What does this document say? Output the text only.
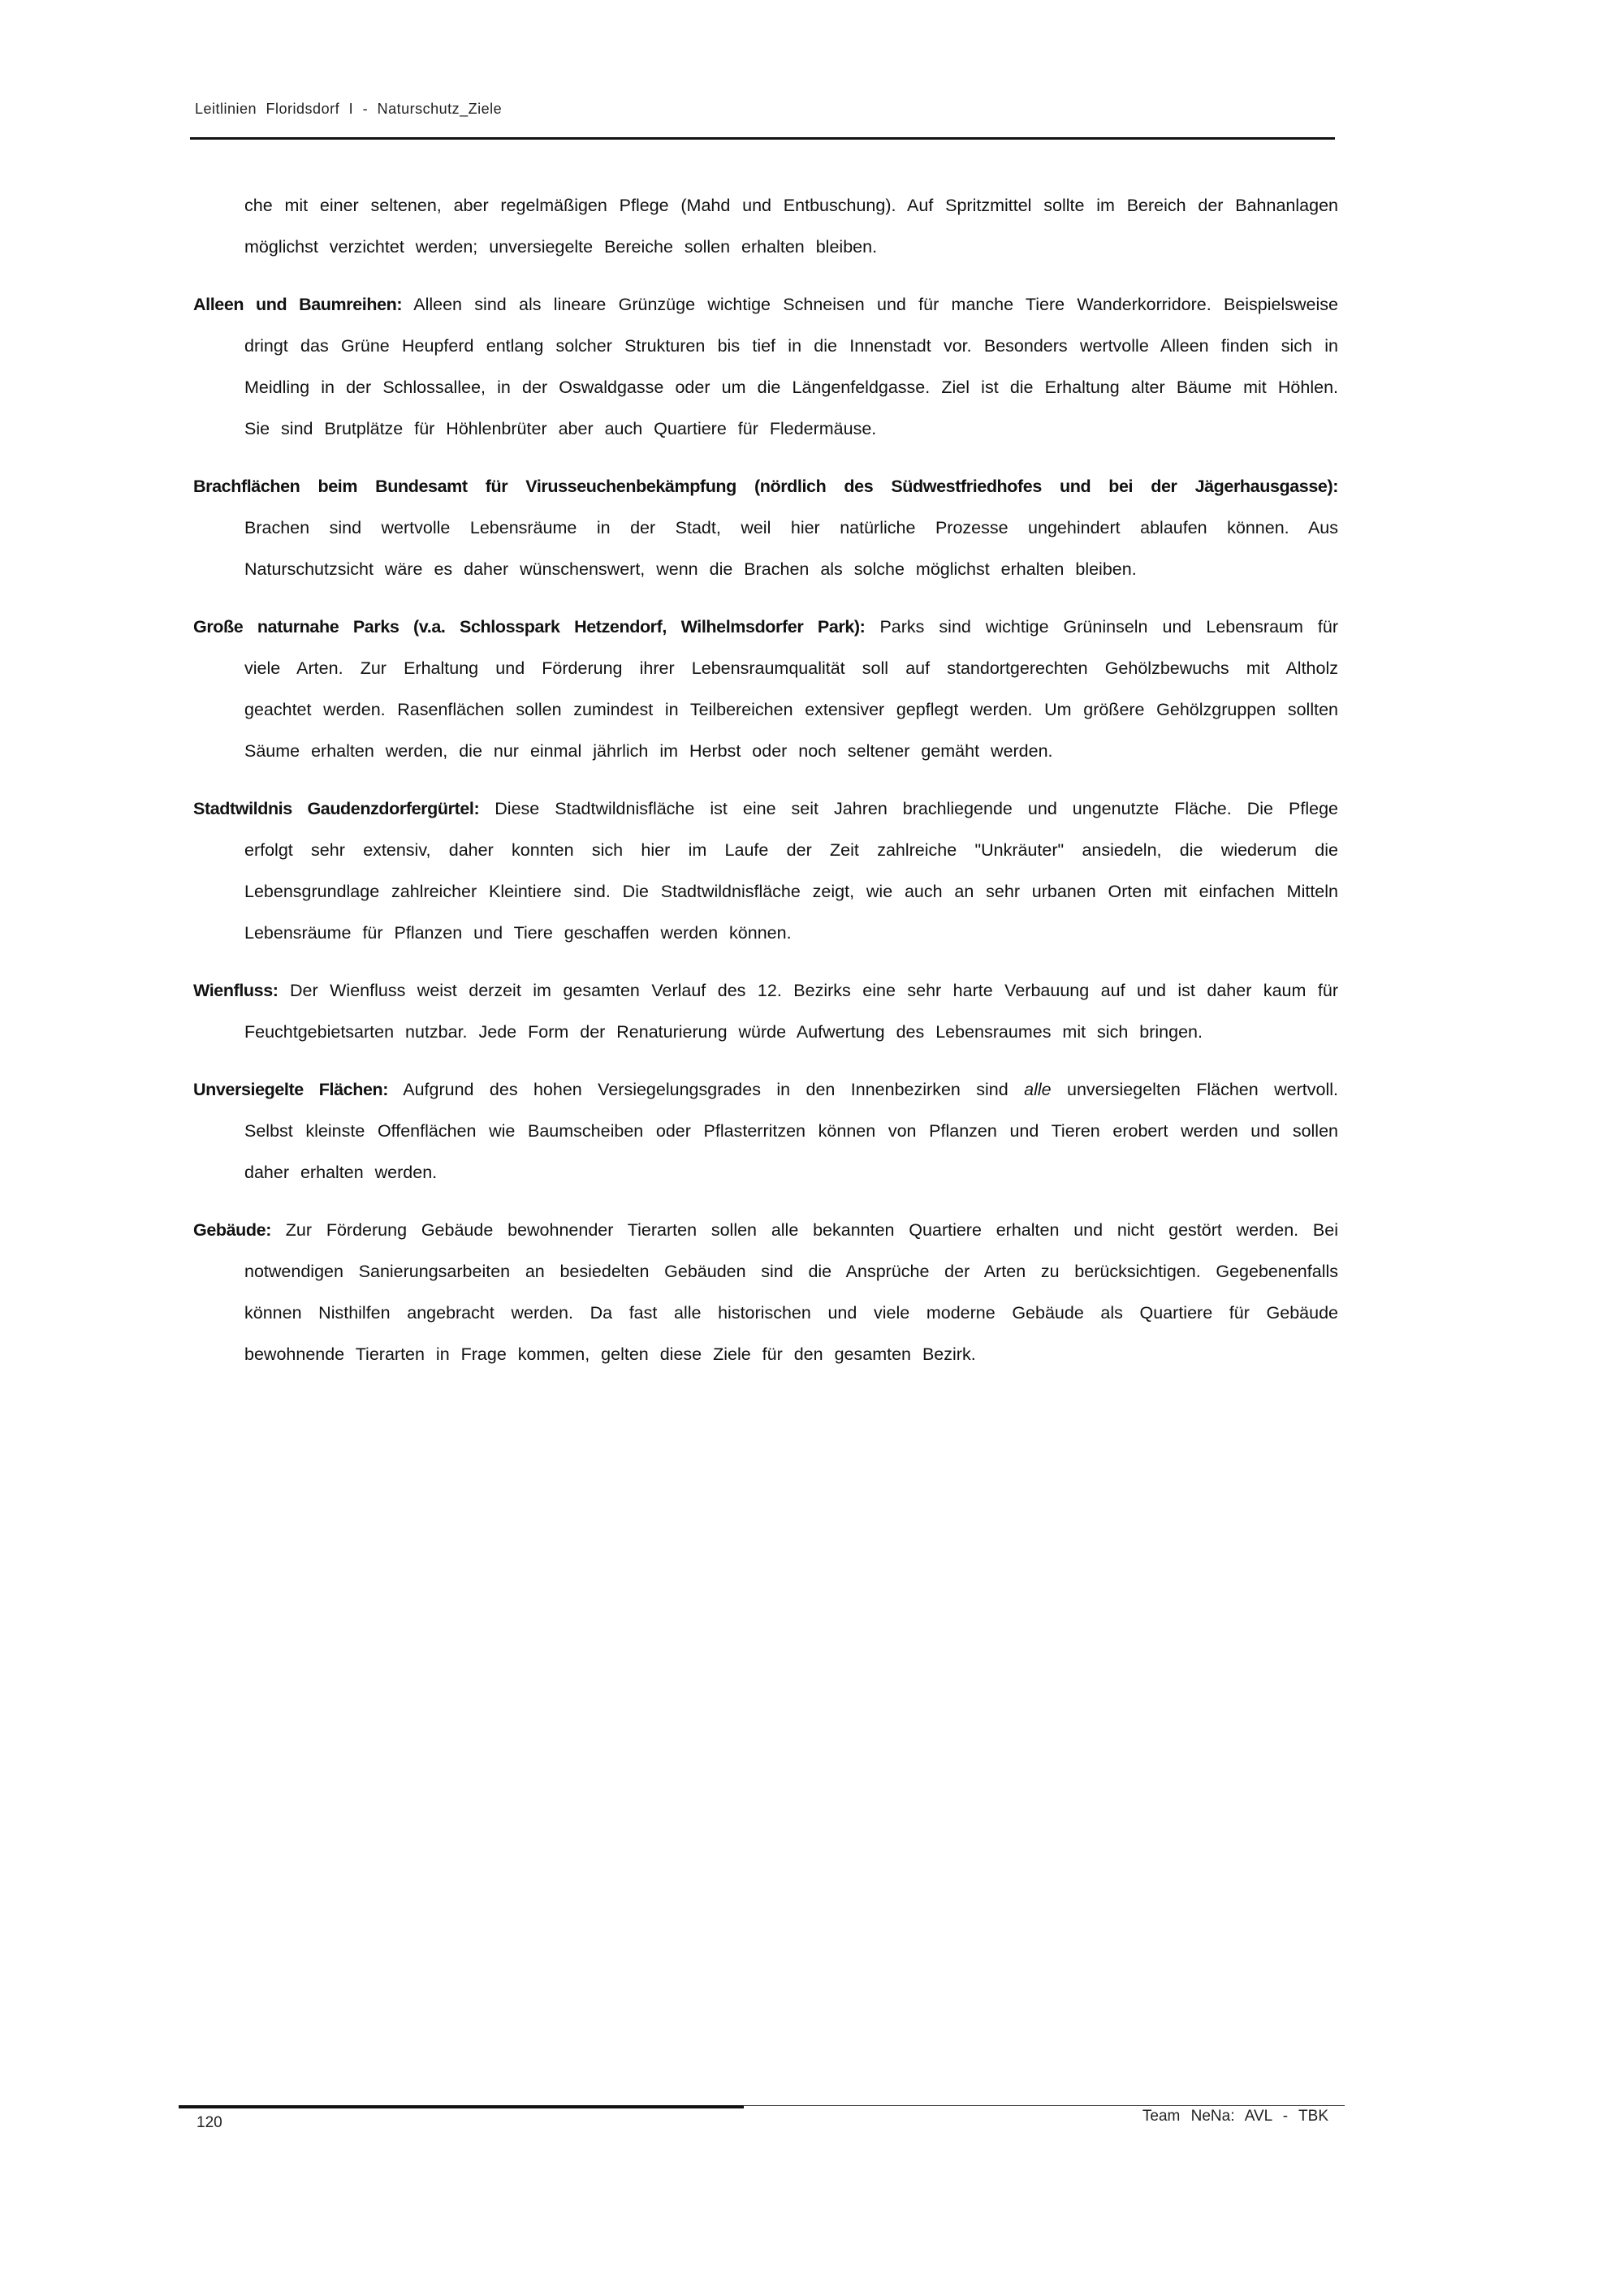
Leitlinien Floridsdorf I - Naturschutz_Ziele

che mit einer seltenen, aber regelmäßigen Pflege (Mahd und Entbuschung). Auf Spritzmittel sollte im Bereich der Bahnanlagen möglichst verzichtet werden; unversiegelte Bereiche sollen erhalten bleiben.

Alleen und Baumreihen: Alleen sind als lineare Grünzüge wichtige Schneisen und für manche Tiere Wanderkorridore. Beispielsweise dringt das Grüne Heupferd entlang solcher Strukturen bis tief in die Innenstadt vor. Besonders wertvolle Alleen finden sich in Meidling in der Schlossallee, in der Oswaldgasse oder um die Längenfeldgasse. Ziel ist die Erhaltung alter Bäume mit Höhlen. Sie sind Brutplätze für Höhlenbrüter aber auch Quartiere für Fledermäuse.

Brachflächen beim Bundesamt für Virusseuchenbekämpfung (nördlich des Südwestfriedhofes und bei der Jägerhausgasse): Brachen sind wertvolle Lebensräume in der Stadt, weil hier natürliche Prozesse ungehindert ablaufen können. Aus Naturschutzsicht wäre es daher wünschenswert, wenn die Brachen als solche möglichst erhalten bleiben.

Große naturnahe Parks (v.a. Schlosspark Hetzendorf, Wilhelmsdorfer Park): Parks sind wichtige Grüninseln und Lebensraum für viele Arten. Zur Erhaltung und Förderung ihrer Lebensraumqualität soll auf standortgerechten Gehölzbewuchs mit Altholz geachtet werden. Rasenflächen sollen zumindest in Teilbereichen extensiver gepflegt werden. Um größere Gehölzgruppen sollten Säume erhalten werden, die nur einmal jährlich im Herbst oder noch seltener gemäht werden.

Stadtwildnis Gaudenzdorfergürtel: Diese Stadtwildnisfläche ist eine seit Jahren brachliegende und ungenutzte Fläche. Die Pflege erfolgt sehr extensiv, daher konnten sich hier im Laufe der Zeit zahlreiche "Unkräuter" ansiedeln, die wiederum die Lebensgrundlage zahlreicher Kleintiere sind. Die Stadtwildnisfläche zeigt, wie auch an sehr urbanen Orten mit einfachen Mitteln Lebensräume für Pflanzen und Tiere geschaffen werden können.

Wienfluss: Der Wienfluss weist derzeit im gesamten Verlauf des 12. Bezirks eine sehr harte Verbauung auf und ist daher kaum für Feuchtgebietsarten nutzbar. Jede Form der Renaturierung würde Aufwertung des Lebensraumes mit sich bringen.

Unversiegelte Flächen: Aufgrund des hohen Versiegelungsgrades in den Innenbezirken sind alle unversiegelten Flächen wertvoll. Selbst kleinste Offenflächen wie Baumscheiben oder Pflasterritzen können von Pflanzen und Tieren erobert werden und sollen daher erhalten werden.

Gebäude: Zur Förderung Gebäude bewohnender Tierarten sollen alle bekannten Quartiere erhalten und nicht gestört werden. Bei notwendigen Sanierungsarbeiten an besiedelten Gebäuden sind die Ansprüche der Arten zu berücksichtigen. Gegebenenfalls können Nisthilfen angebracht werden. Da fast alle historischen und viele moderne Gebäude als Quartiere für Gebäude bewohnende Tierarten in Frage kommen, gelten diese Ziele für den gesamten Bezirk.

120	Team NeNa: AVL - TBK
